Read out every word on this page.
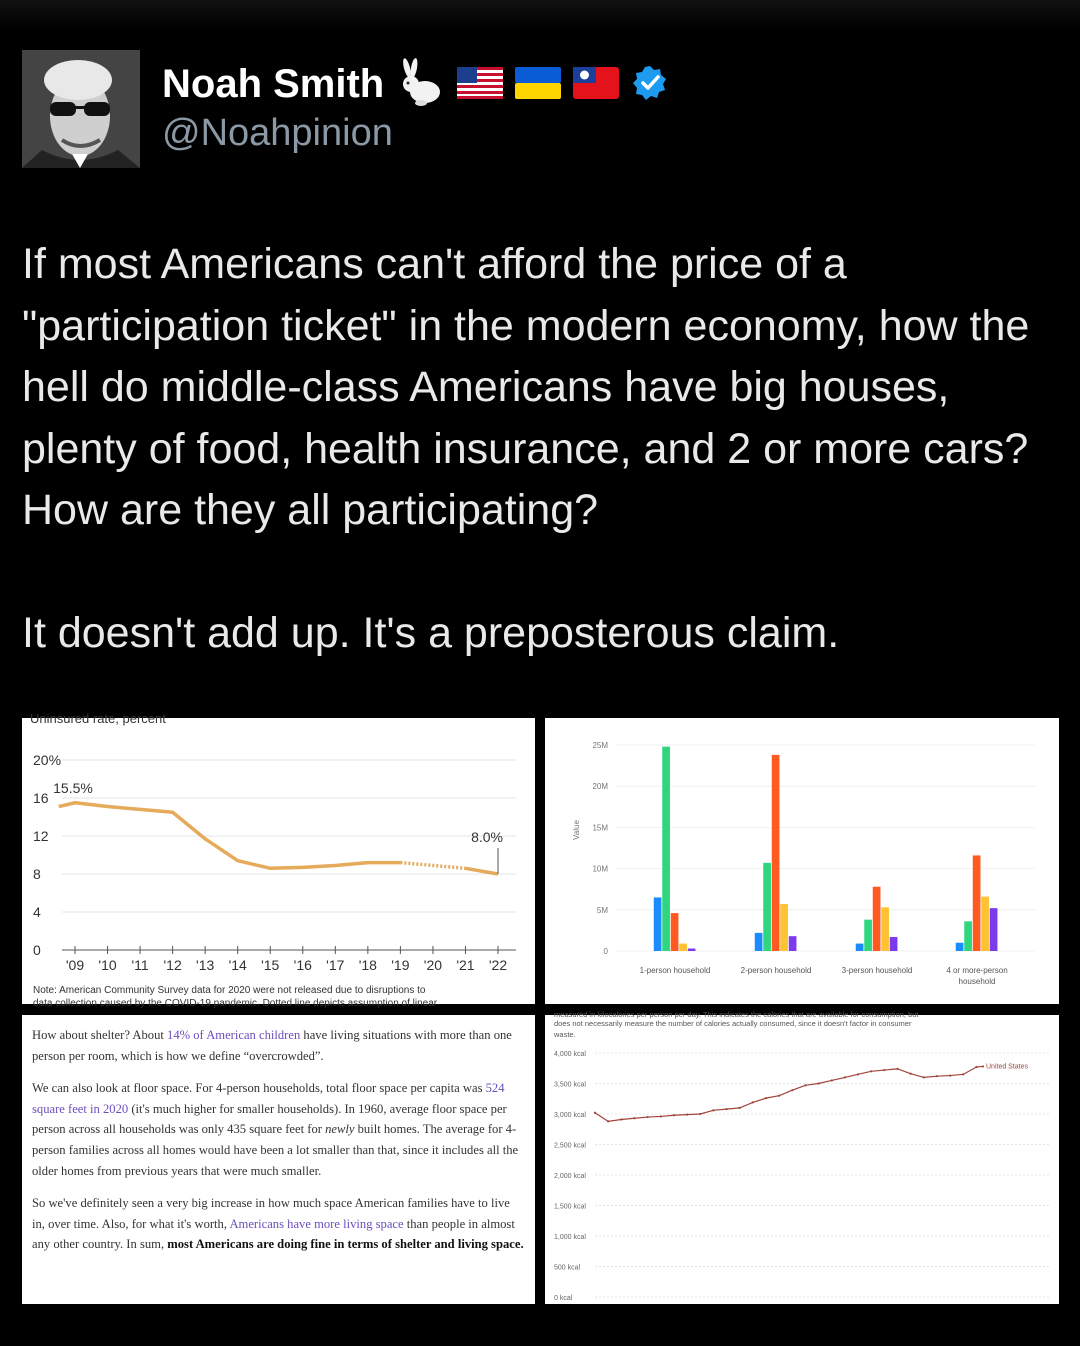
Noah Smith
@Noahpinion

If most Americans can't afford the price of a "participation ticket" in the modern economy, how the hell do middle-class Americans have big houses, plenty of food, health insurance, and 2 or more cars? How are they all participating?

It doesn't add up. It's a preposterous claim.

Uninsured rate, percent
0
4
8
12
16
20%
'09 '10 '11 '12 '13 '14 '15 '16 '17 '18 '19 '20 '21 '22
15.5%
8.0%
Note: American Community Survey data for 2020 were not released due to disruptions to
data collection caused by the COVID-19 pandemic. Dotted line depicts assumption of linear
Value
0
5M
10M
15M
20M
25M
1-person household	2-person household	3-person household	4 or more-person
household

How about shelter? About 14% of American children have living situations with more than one person per room, which is how we define “overcrowded”.

We can also look at floor space. For 4-person households, total floor space per capita was 524 square feet in 2020 (it's much higher for smaller households). In 1960, average floor space per person across all households was only 435 square feet for newly built homes. The average for 4-person families across all homes would have been a lot smaller than that, since it includes all the older homes from previous years that were much smaller.

So we've definitely seen a very big increase in how much space American families have to live in, over time. Also, for what it's worth, Americans have more living space than people in almost any other country. In sum, most Americans are doing fine in terms of shelter and living space.

measured in kilocalories per person per day. This indicates the calories that are available for consumption, but
does not necessarily measure the number of calories actually consumed, since it doesn't factor in consumer
waste.
0 kcal
500 kcal
1,000 kcal
1,500 kcal
2,000 kcal
2,500 kcal
3,000 kcal
3,500 kcal
4,000 kcal
United States
